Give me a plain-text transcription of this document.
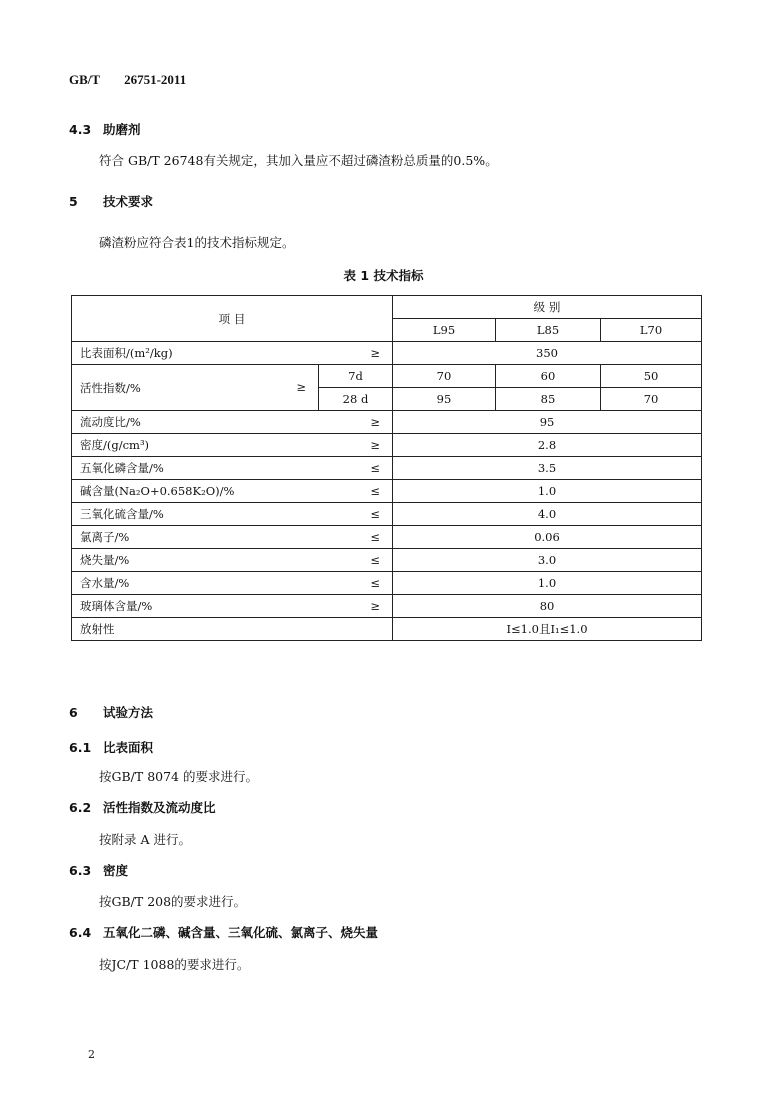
GB/T 26751-2011
4.3 助磨剂
符合 GB/T 26748有关规定，其加入量应不超过磷渣粉总质量的0.5%。
5 技术要求
磷渣粉应符合表1的技术指标规定。
表 1 技术指标
项 目		级 别		
		L95	L85	L70
比表面积/(m²/kg) ≥		350		
活性指数/% ≥	7d	70	60	50
	28 d	95	85	70
流动度比/% ≥		95		
密度/(g/cm³) ≥		2.8		
五氧化磷含量/% ≤		3.5		
碱含量(Na₂O+0.658K₂O)/% ≤		1.0		
三氧化硫含量/% ≤		4.0		
氯离子/% ≤		0.06		
烧失量/% ≤		3.0		
含水量/% ≤		1.0		
玻璃体含量/% ≥		80		
放射性		I≤1.0且I₁≤1.0		
6 试验方法
6.1 比表面积
按GB/T 8074 的要求进行。
6.2 活性指数及流动度比
按附录 A 进行。
6.3 密度
按GB/T 208的要求进行。
6.4 五氧化二磷、碱含量、三氧化硫、氯离子、烧失量
按JC/T 1088的要求进行。
2
